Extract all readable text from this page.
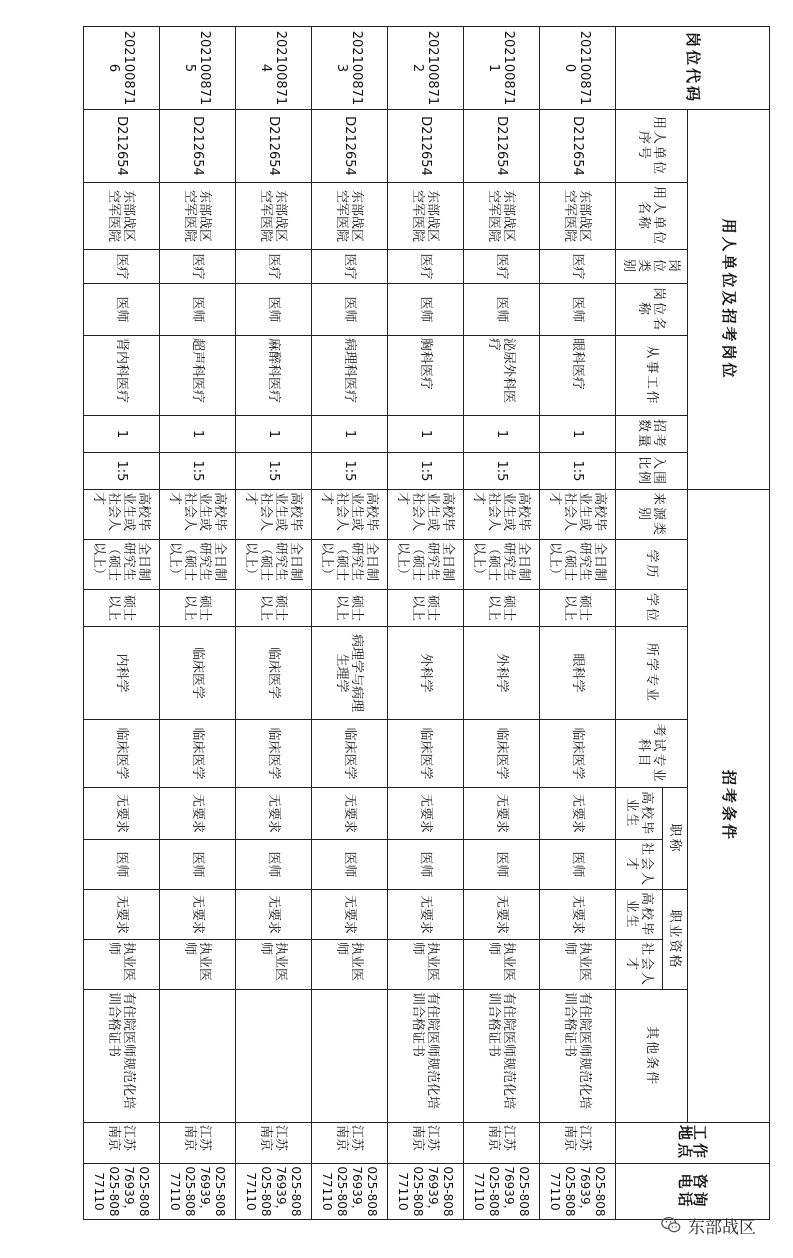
岗位代码	用人单位及招考岗位							招考条件										工作地点	咨询电话
	用人单位序号	用人单位名称	岗位类别	岗位名称	从事工作	招考数量	入围比例	来源类别	学历	学位	所学专业	考试专业科目	职称		职业资格		其他条件		
													高校毕业生	社会人才	高校毕业生	社会人才			
2021008710	D212654	东部战区空军医院	医疗	医师	眼科医疗	1	1:5	高校毕业生或社会人才	全日制研究生（硕士以上）	硕士以上	眼科学	临床医学	无要求	医师	无要求	执业医师	有住院医师规范化培训合格证书	江苏南京	025-80876939，025-80877110
2021008711	D212654	东部战区空军医院	医疗	医师	泌尿外科医疗	1	1:5	高校毕业生或社会人才	全日制研究生（硕士以上）	硕士以上	外科学	临床医学	无要求	医师	无要求	执业医师	有住院医师规范化培训合格证书	江苏南京	025-80876939，025-80877110
2021008712	D212654	东部战区空军医院	医疗	医师	胸科医疗	1	1:5	高校毕业生或社会人才	全日制研究生（硕士以上）	硕士以上	外科学	临床医学	无要求	医师	无要求	执业医师	有住院医师规范化培训合格证书	江苏南京	025-80876939，025-80877110
2021008713	D212654	东部战区空军医院	医疗	医师	病理科医疗	1	1:5	高校毕业生或社会人才	全日制研究生（硕士以上）	硕士以上	病理学与病理生理学	临床医学	无要求	医师	无要求	执业医师		江苏南京	025-80876939，025-80877110
2021008714	D212654	东部战区空军医院	医疗	医师	麻醉科医疗	1	1:5	高校毕业生或社会人才	全日制研究生（硕士以上）	硕士以上	临床医学	临床医学	无要求	医师	无要求	执业医师		江苏南京	025-80876939，025-80877110
2021008715	D212654	东部战区空军医院	医疗	医师	超声科医疗	1	1:5	高校毕业生或社会人才	全日制研究生（硕士以上）	硕士以上	临床医学	临床医学	无要求	医师	无要求	执业医师		江苏南京	025-80876939，025-80877110
2021008716	D212654	东部战区空军医院	医疗	医师	肾内科医疗	1	1:5	高校毕业生或社会人才	全日制研究生（硕士以上）	硕士以上	内科学	临床医学	无要求	医师	无要求	执业医师	有住院医师规范化培训合格证书	江苏南京	025-80876939，025-80877110
东部战区
